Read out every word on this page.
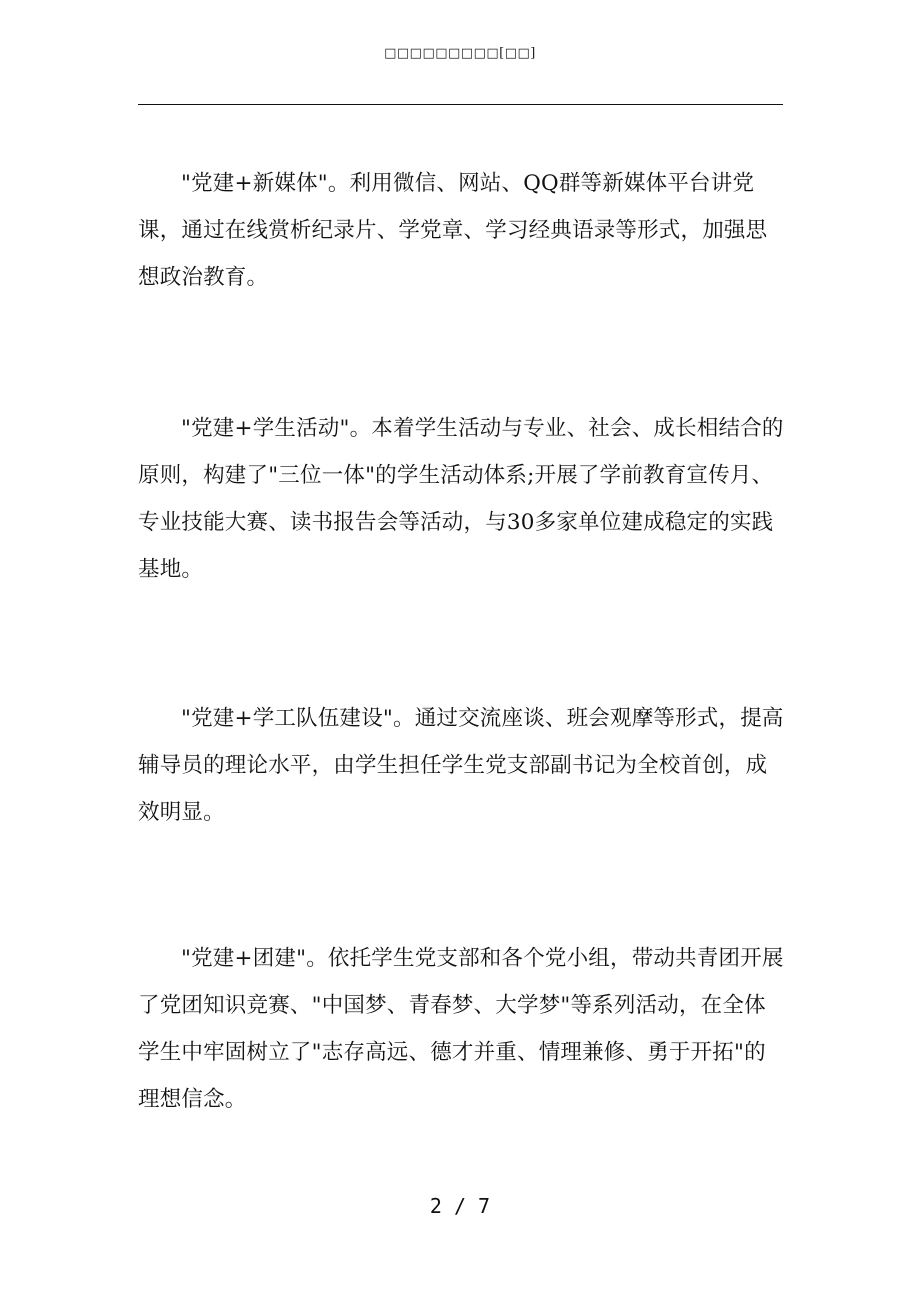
□□□□□□□□□[□□]

"党建+新媒体"。利用微信、网站、QQ群等新媒体平台讲党课，通过在线赏析纪录片、学党章、学习经典语录等形式，加强思想政治教育。

"党建+学生活动"。本着学生活动与专业、社会、成长相结合的原则，构建了"三位一体"的学生活动体系;开展了学前教育宣传月、专业技能大赛、读书报告会等活动，与30多家单位建成稳定的实践基地。

"党建+学工队伍建设"。通过交流座谈、班会观摩等形式，提高辅导员的理论水平，由学生担任学生党支部副书记为全校首创，成效明显。

"党建+团建"。依托学生党支部和各个党小组，带动共青团开展了党团知识竞赛、"中国梦、青春梦、大学梦"等系列活动，在全体学生中牢固树立了"志存高远、德才并重、情理兼修、勇于开拓"的理想信念。

2 / 7
